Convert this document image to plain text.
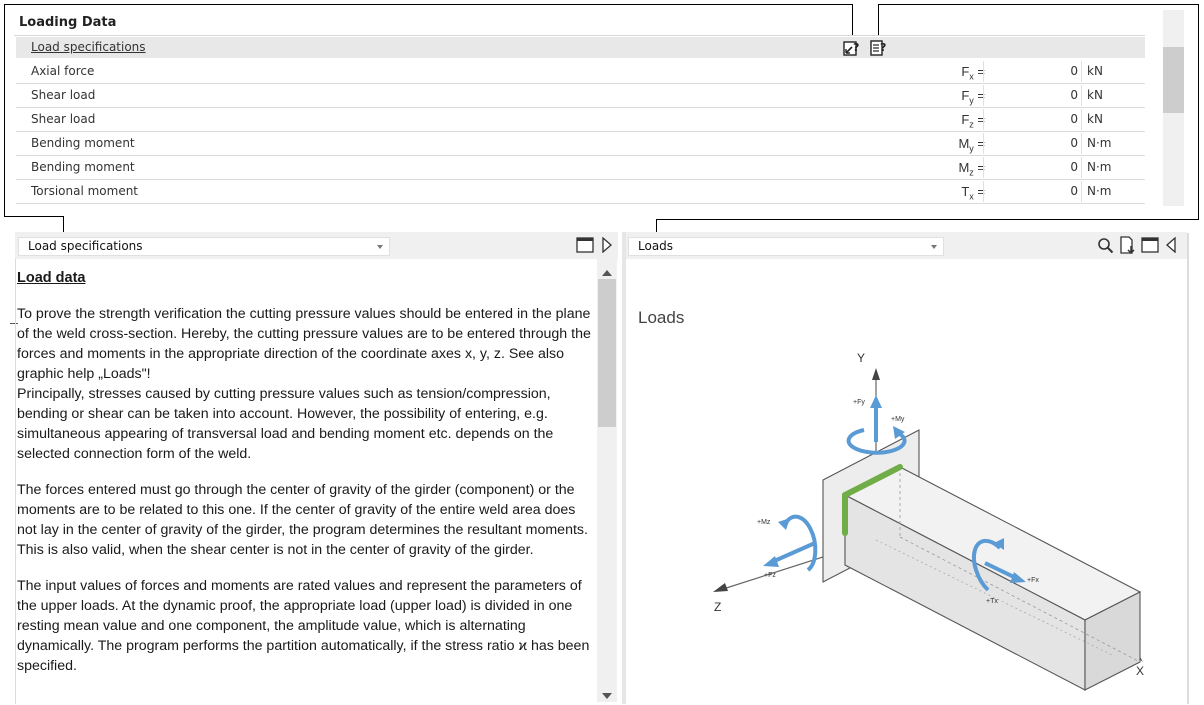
Loading Data
Load specifications	? ?
Axial force	$F_x$ =	0 kN
Shear load	$F_y$ =	0 kN
Shear load	$F_z$ =	0 kN
Bending moment	$M_y$ =	0 N·m
Bending moment	$M_z$ =	0 N·m
Torsional moment	$T_x$ =	0 N·m
Load specifications
Load data

To prove the strength verification the cutting pressure values should be entered in the plane of the weld cross-section. Hereby, the cutting pressure values are to be entered through the forces and moments in the appropriate direction of the coordinate axes x, y, z. See also graphic help „Loads"!
Principally, stresses caused by cutting pressure values such as tension/compression, bending or shear can be taken into account. However, the possibility of entering, e.g. simultaneous appearing of transversal load and bending moment etc. depends on the selected connection form of the weld.

The forces entered must go through the center of gravity of the girder (component) or the moments are to be related to this one. If the center of gravity of the entire weld area does not lay in the center of gravity of the girder, the program determines the resultant moments. This is also valid, when the shear center is not in the center of gravity of the girder.

The input values of forces and moments are rated values and represent the parameters of the upper loads. At the dynamic proof, the appropriate load (upper load) is divided in one resting mean value and one component, the amplitude value, which is alternating dynamically. The program performs the partition automatically, if the stress ratio ϰ has been specified.

Loads
Loads
Y
Z
X
+Fy
+My
+Mz
+Fz
+Fx
+Tx
